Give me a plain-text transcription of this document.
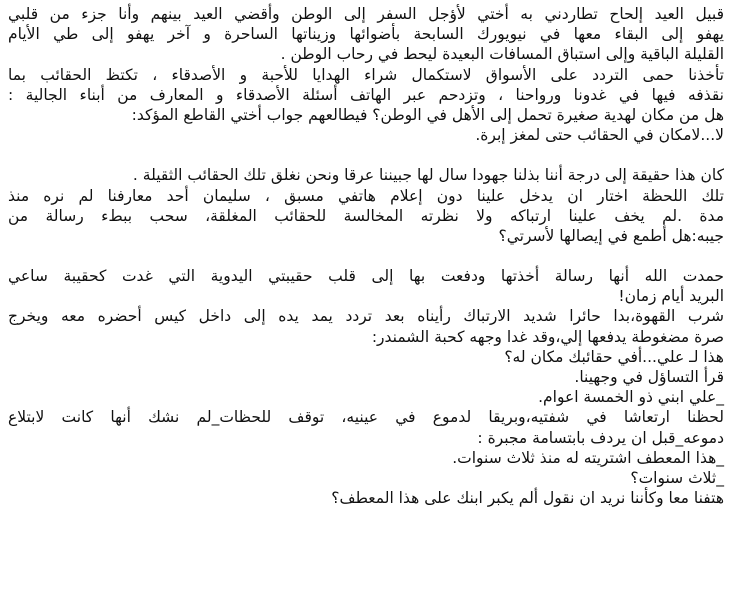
قبيل العيد إلحاح تطاردني به أختي لأؤجل السفر إلى الوطن وأقضي العيد بينهم وأنا جزء من قلبي
يهفو إلى البقاء معها في نيويورك السابحة بأضوائها وزيناتها الساحرة و آخر يهفو إلى طي الأيام
القليلة الباقية وإلى استباق المسافات البعيدة ليحط في رحاب الوطن .
تأخذنا حمى التردد على الأسواق لاستكمال شراء الهدايا للأحبة و الأصدقاء ، تكتظ الحقائب بما
نقذفه فيها في غدونا ورواحنا ، وتزدحم عبر الهاتف أسئلة الأصدقاء و المعارف من أبناء الجالية :
هل من مكان لهدية صغيرة تحمل إلى الأهل في الوطن؟ فيطالعهم جواب أختي القاطع المؤكد:
لا...لامكان في الحقائب حتى لمغز إبرة.
كان هذا حقيقة إلى درجة أننا بذلنا جهودا سال لها جبيننا عرقا ونحن نغلق تلك الحقائب الثقيلة .
تلك اللحظة اختار ان يدخل علينا دون إعلام هاتفي مسبق ، سليمان أحد معارفنا لم نره منذ
مدة .لم يخف علينا ارتباكه ولا نظرته المخالسة للحقائب المغلقة، سحب ببطء رسالة من
جيبه:هل أطمع في إيصالها لأسرتي؟
حمدت الله أنها رسالة أخذتها ودفعت بها إلى قلب حقيبتي اليدوية التي غدت كحقيبة ساعي
البريد أيام زمان!
شرب القهوة،بدا حائرا شديد الارتباك رأيناه بعد تردد يمد يده إلى داخل كيس أحضره معه ويخرج
صرة مضغوطة يدفعها إلي،وقد غدا وجهه كحبة الشمندر:
هذا لـ علي...أفي حقائبك مكان له؟
قرأ التساؤل في وجهينا.
_علي ابني ذو الخمسة اعوام.
لحظنا ارتعاشا في شفتيه،وبريقا لدموع في عينيه، توقف للحظات_لم نشك أنها كانت لابتلاع
دموعه_قبل ان يردف بابتسامة مجبرة :
_هذا المعطف اشتريته له منذ ثلاث سنوات.
_ثلاث سنوات؟
هتفنا معا وكأننا نريد ان نقول ألم يكبر ابنك على هذا المعطف؟
